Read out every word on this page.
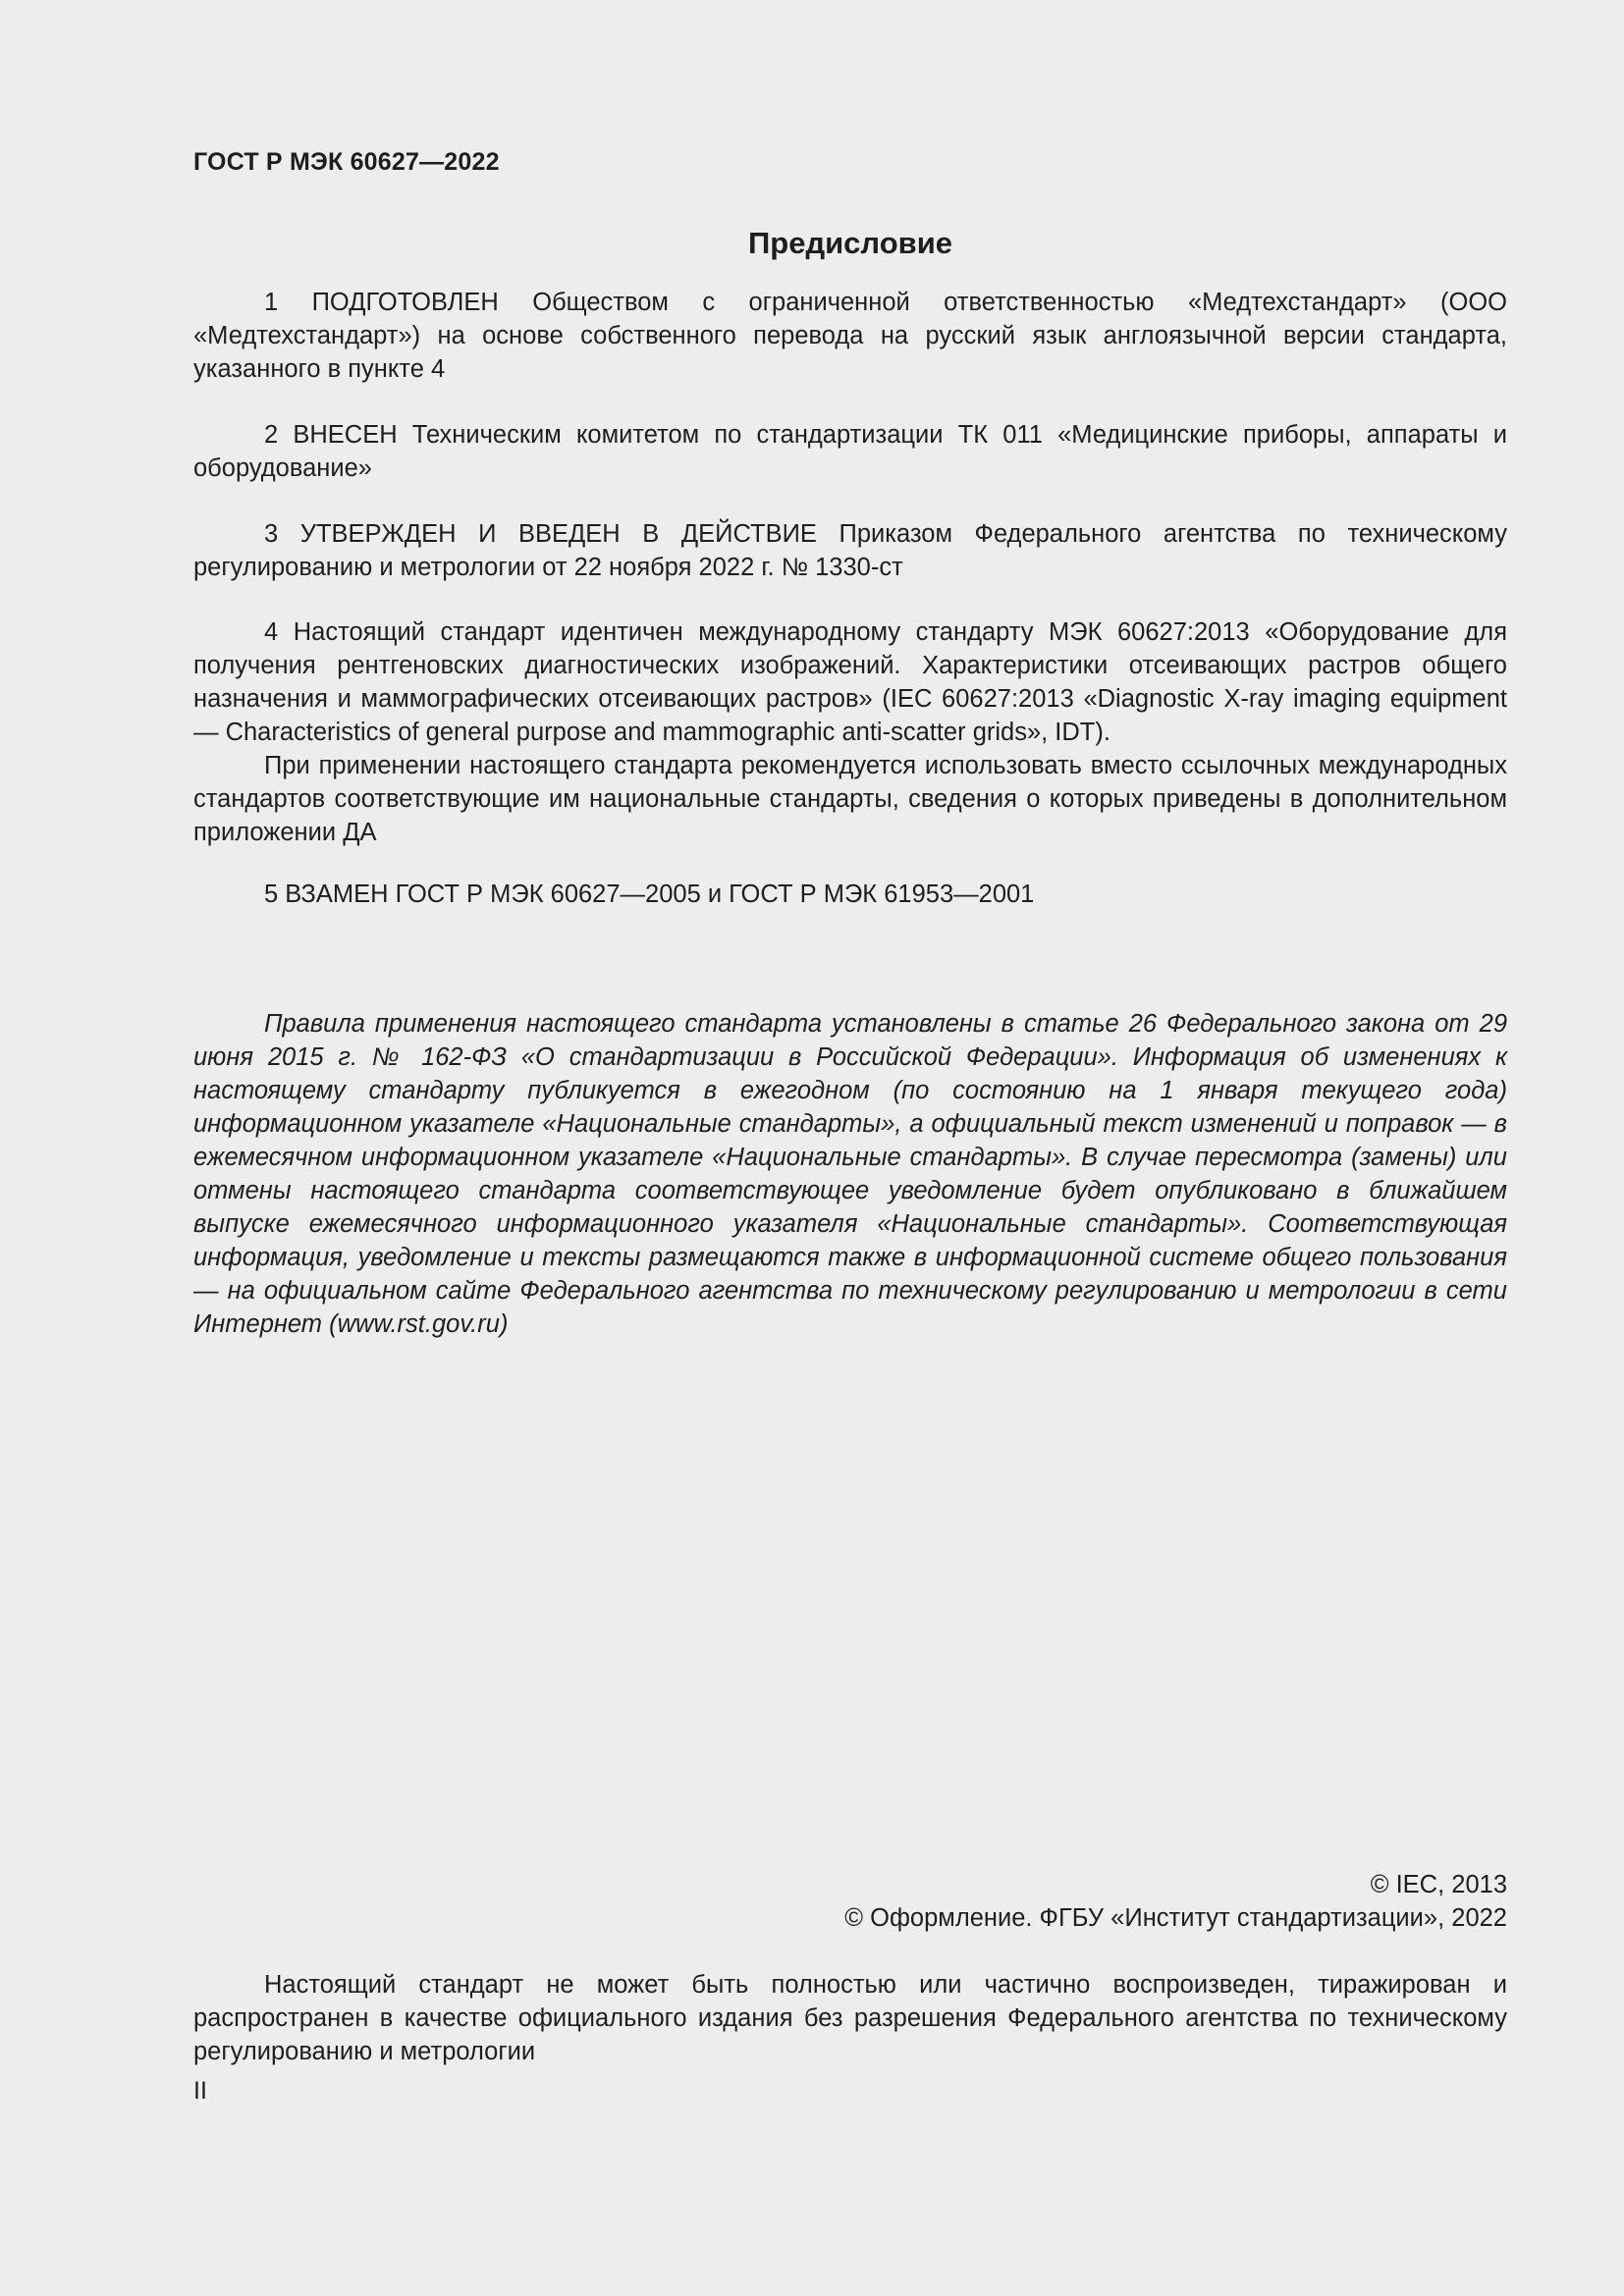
ГОСТ Р МЭК 60627—2022
Предисловие

1 ПОДГОТОВЛЕН Обществом с ограниченной ответственностью «Медтехстандарт» (ООО «Медтехстандарт») на основе собственного перевода на русский язык англоязычной версии стандарта, указанного в пункте 4

2 ВНЕСЕН Техническим комитетом по стандартизации ТК 011 «Медицинские приборы, аппараты и оборудование»

3 УТВЕРЖДЕН И ВВЕДЕН В ДЕЙСТВИЕ Приказом Федерального агентства по техническому регулированию и метрологии от 22 ноября 2022 г. № 1330-ст

4 Настоящий стандарт идентичен международному стандарту МЭК 60627:2013 «Оборудование для получения рентгеновских диагностических изображений. Характеристики отсеивающих растров общего назначения и маммографических отсеивающих растров» (IEC 60627:2013 «Diagnostic X-ray imaging equipment — Characteristics of general purpose and mammographic anti-scatter grids», IDT).

При применении настоящего стандарта рекомендуется использовать вместо ссылочных международных стандартов соответствующие им национальные стандарты, сведения о которых приведены в дополнительном приложении ДА

5 ВЗАМЕН ГОСТ Р МЭК 60627—2005 и ГОСТ Р МЭК 61953—2001

Правила применения настоящего стандарта установлены в статье 26 Федерального закона от 29 июня 2015 г. № 162-ФЗ «О стандартизации в Российской Федерации». Информация об изменениях к настоящему стандарту публикуется в ежегодном (по состоянию на 1 января текущего года) информационном указателе «Национальные стандарты», а официальный текст изменений и поправок — в ежемесячном информационном указателе «Национальные стандарты». В случае пересмотра (замены) или отмены настоящего стандарта соответствующее уведомление будет опубликовано в ближайшем выпуске ежемесячного информационного указателя «Национальные стандарты». Соответствующая информация, уведомление и тексты размещаются также в информационной системе общего пользования — на официальном сайте Федерального агентства по техническому регулированию и метрологии в сети Интернет (www.rst.gov.ru)

© IEC, 2013
© Оформление. ФГБУ «Институт стандартизации», 2022

Настоящий стандарт не может быть полностью или частично воспроизведен, тиражирован и распространен в качестве официального издания без разрешения Федерального агентства по техническому регулированию и метрологии

II
